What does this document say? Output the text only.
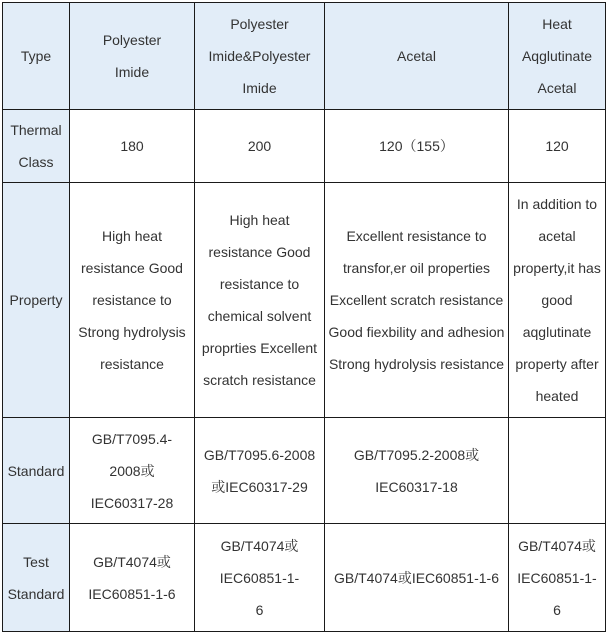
Type	Polyester Imide	Polyester Imide&Polyester Imide	Acetal	Heat Aqglutinate Acetal
Thermal Class	180	200	120（155）	120
Property	High heat resistance Good resistance to Strong hydrolysis resistance	High heat resistance Good resistance to chemical solvent proprties Excellent scratch resistance	Excellent resistance to transfor,er oil properties Excellent scratch resistance Good fiexbility and adhesion Strong hydrolysis resistance	In addition to acetal property,it has good aqglutinate property after heated
Standard	GB/T7095.4-2008或IEC60317-28	GB/T7095.6-2008或IEC60317-29	GB/T7095.2-2008或IEC60317-18	
Test Standard	GB/T4074或IEC60851-1-6	GB/T4074或IEC60851-1-6	GB/T4074或IEC60851-1-6	GB/T4074或IEC60851-1-6
